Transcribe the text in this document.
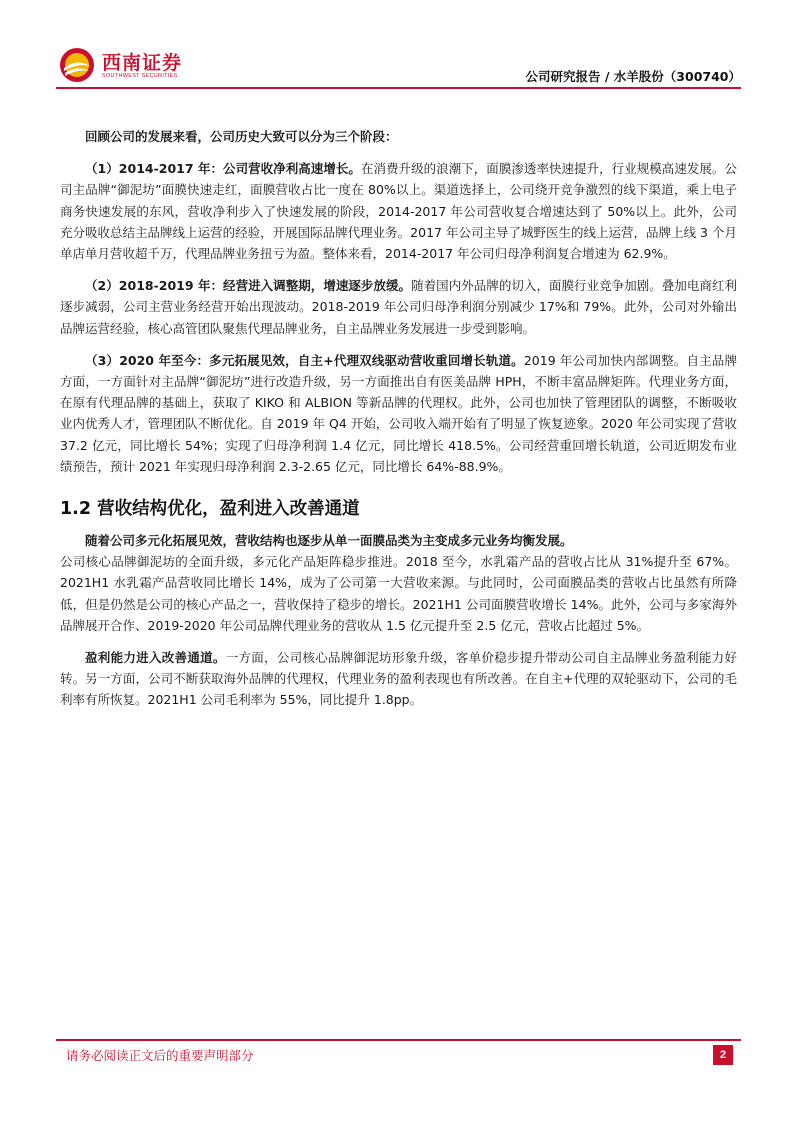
西南证券
SOUTHWEST SECURITIES	公司研究报告 / 水羊股份（300740）

回顾公司的发展来看，公司历史大致可以分为三个阶段：

（1）2014-2017 年：公司营收净利高速增长。在消费升级的浪潮下，面膜渗透率快速提升，行业规模高速发展。公司主品牌“御泥坊”面膜快速走红，面膜营收占比一度在 80%以上。渠道选择上，公司绕开竞争激烈的线下渠道，乘上电子商务快速发展的东风，营收净利步入了快速发展的阶段，2014-2017 年公司营收复合增速达到了 50%以上。此外，公司充分吸收总结主品牌线上运营的经验，开展国际品牌代理业务。2017 年公司主导了城野医生的线上运营，品牌上线 3 个月单店单月营收超千万，代理品牌业务扭亏为盈。整体来看，2014-2017 年公司归母净利润复合增速为 62.9%。

（2）2018-2019 年：经营进入调整期，增速逐步放缓。随着国内外品牌的切入，面膜行业竞争加剧。叠加电商红利逐步减弱，公司主营业务经营开始出现波动。2018-2019 年公司归母净利润分别减少 17%和 79%。此外，公司对外输出品牌运营经验，核心高管团队聚焦代理品牌业务，自主品牌业务发展进一步受到影响。

（3）2020 年至今：多元拓展见效，自主+代理双线驱动营收重回增长轨道。2019 年公司加快内部调整。自主品牌方面，一方面针对主品牌“御泥坊”进行改造升级，另一方面推出自有医美品牌 HPH，不断丰富品牌矩阵。代理业务方面，在原有代理品牌的基础上，获取了 KIKO 和 ALBION 等新品牌的代理权。此外，公司也加快了管理团队的调整，不断吸收业内优秀人才，管理团队不断优化。自 2019 年 Q4 开始，公司收入端开始有了明显了恢复迹象。2020 年公司实现了营收 37.2 亿元，同比增长 54%；实现了归母净利润 1.4 亿元，同比增长 418.5%。公司经营重回增长轨道，公司近期发布业绩预告，预计 2021 年实现归母净利润 2.3-2.65 亿元，同比增长 64%-88.9%。

1.2 营收结构优化，盈利进入改善通道

随着公司多元化拓展见效，营收结构也逐步从单一面膜品类为主变成多元业务均衡发展。

公司核心品牌御泥坊的全面升级，多元化产品矩阵稳步推进。2018 至今，水乳霜产品的营收占比从 31%提升至 67%。2021H1 水乳霜产品营收同比增长 14%，成为了公司第一大营收来源。与此同时，公司面膜品类的营收占比虽然有所降低，但是仍然是公司的核心产品之一，营收保持了稳步的增长。2021H1 公司面膜营收增长 14%。此外，公司与多家海外品牌展开合作、2019-2020 年公司品牌代理业务的营收从 1.5 亿元提升至 2.5 亿元，营收占比超过 5%。

盈利能力进入改善通道。一方面，公司核心品牌御泥坊形象升级，客单价稳步提升带动公司自主品牌业务盈利能力好转。另一方面，公司不断获取海外品牌的代理权，代理业务的盈利表现也有所改善。在自主+代理的双轮驱动下，公司的毛利率有所恢复。2021H1 公司毛利率为 55%，同比提升 1.8pp。

请务必阅读正文后的重要声明部分	2
